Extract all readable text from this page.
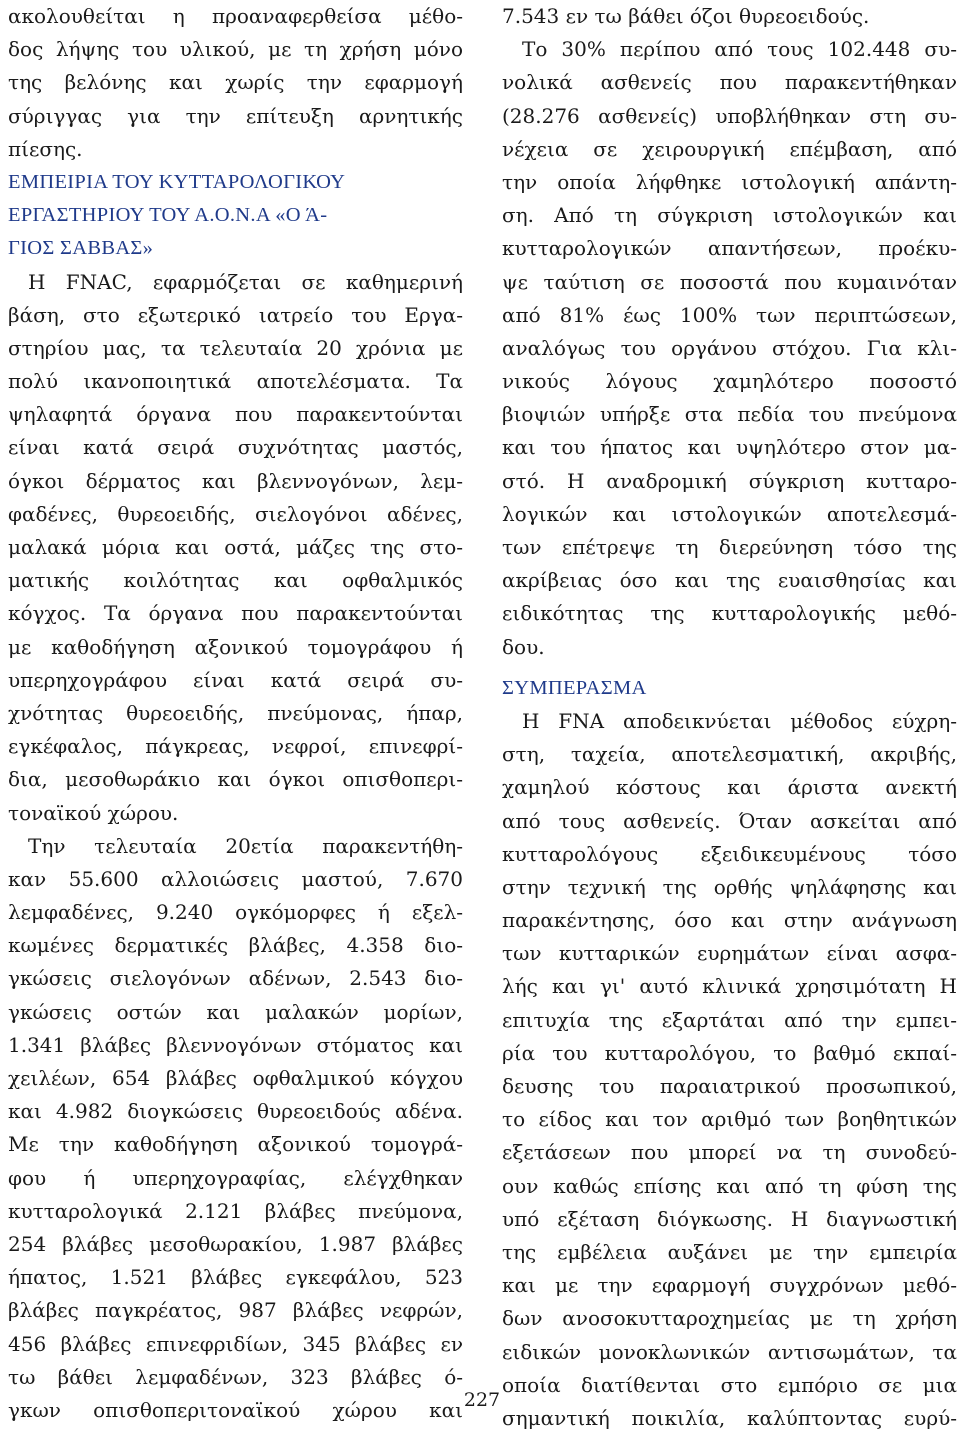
ακολουθείται η προαναφερθείσα μέθο-
δος λήψης του υλικού, με τη χρήση μόνο
της βελόνης και χωρίς την εφαρμογή
σύριγγας για την επίτευξη αρνητικής
πίεσης.
ΕΜΠΕΙΡΙΑ ΤΟΥ ΚΥΤΤΑΡΟΛΟΓΙΚΟΥ
ΕΡΓΑΣΤΗΡΙΟΥ ΤΟΥ Α.Ο.Ν.Α «Ο Ά-
ΓΙΟΣ ΣΑΒΒΑΣ»
Η FNAC, εφαρμόζεται σε καθημερινή
βάση, στο εξωτερικό ιατρείο του Εργα-
στηρίου μας, τα τελευταία 20 χρόνια με
πολύ ικανοποιητικά αποτελέσματα. Τα
ψηλαφητά όργανα που παρακεντούνται
είναι κατά σειρά συχνότητας μαστός,
όγκοι δέρματος και βλεννογόνων, λεμ-
φαδένες, θυρεοειδής, σιελογόνοι αδένες,
μαλακά μόρια και οστά, μάζες της στο-
ματικής κοιλότητας και οφθαλμικός
κόγχος. Τα όργανα που παρακεντούνται
με καθοδήγηση αξονικού τομογράφου ή
υπερηχογράφου είναι κατά σειρά συ-
χνότητας θυρεοειδής, πνεύμονας, ήπαρ,
εγκέφαλος, πάγκρεας, νεφροί, επινεφρί-
δια, μεσοθωράκιο και όγκοι οπισθοπερι-
τοναϊκού χώρου.
Την τελευταία 20ετία παρακεντήθη-
καν 55.600 αλλοιώσεις μαστού, 7.670
λεμφαδένες, 9.240 ογκόμορφες ή εξελ-
κωμένες δερματικές βλάβες, 4.358 διο-
γκώσεις σιελογόνων αδένων, 2.543 διο-
γκώσεις οστών και μαλακών μορίων,
1.341 βλάβες βλεννογόνων στόματος και
χειλέων, 654 βλάβες οφθαλμικού κόγχου
και 4.982 διογκώσεις θυρεοειδούς αδένα.
Με την καθοδήγηση αξονικού τομογρά-
φου ή υπερηχογραφίας, ελέγχθηκαν
κυτταρολογικά 2.121 βλάβες πνεύμονα,
254 βλάβες μεσοθωρακίου, 1.987 βλάβες
ήπατος, 1.521 βλάβες εγκεφάλου, 523
βλάβες παγκρέατος, 987 βλάβες νεφρών,
456 βλάβες επινεφριδίων, 345 βλάβες εν
τω βάθει λεμφαδένων, 323 βλάβες ό-
γκων οπισθοπεριτοναϊκού χώρου και
7.543 εν τω βάθει όζοι θυρεοειδούς.
Το 30% περίπου από τους 102.448 συ-
νολικά ασθενείς που παρακεντήθηκαν
(28.276 ασθενείς) υποβλήθηκαν στη συ-
νέχεια σε χειρουργική επέμβαση, από
την οποία λήφθηκε ιστολογική απάντη-
ση. Από τη σύγκριση ιστολογικών και
κυτταρολογικών απαντήσεων, προέκυ-
ψε ταύτιση σε ποσοστά που κυμαινόταν
από 81% έως 100% των περιπτώσεων,
αναλόγως του οργάνου στόχου. Για κλι-
νικούς λόγους χαμηλότερο ποσοστό
βιοψιών υπήρξε στα πεδία του πνεύμονα
και του ήπατος και υψηλότερο στον μα-
στό. Η αναδρομική σύγκριση κυτταρο-
λογικών και ιστολογικών αποτελεσμά-
των επέτρεψε τη διερεύνηση τόσο της
ακρίβειας όσο και της ευαισθησίας και
ειδικότητας της κυτταρολογικής μεθό-
δου.
ΣΥΜΠΕΡΑΣΜΑ
Η FNA αποδεικνύεται μέθοδος εύχρη-
στη, ταχεία, αποτελεσματική, ακριβής,
χαμηλού κόστους και άριστα ανεκτή
από τους ασθενείς. Όταν ασκείται από
κυτταρολόγους εξειδικευμένους τόσο
στην τεχνική της ορθής ψηλάφησης και
παρακέντησης, όσο και στην ανάγνωση
των κυτταρικών ευρημάτων είναι ασφα-
λής και γι' αυτό κλινικά χρησιμότατη Η
επιτυχία της εξαρτάται από την εμπει-
ρία του κυτταρολόγου, το βαθμό εκπαί-
δευσης του παραιατρικού προσωπικού,
το είδος και τον αριθμό των βοηθητικών
εξετάσεων που μπορεί να τη συνοδεύ-
ουν καθώς επίσης και από τη φύση της
υπό εξέταση διόγκωσης. Η διαγνωστική
της εμβέλεια αυξάνει με την εμπειρία
και με την εφαρμογή συγχρόνων μεθό-
δων ανοσοκυτταροχημείας με τη χρήση
ειδικών μονοκλωνικών αντισωμάτων, τα
οποία διατίθενται στο εμπόριο σε μια
σημαντική ποικιλία, καλύπτοντας ευρύ-
227
